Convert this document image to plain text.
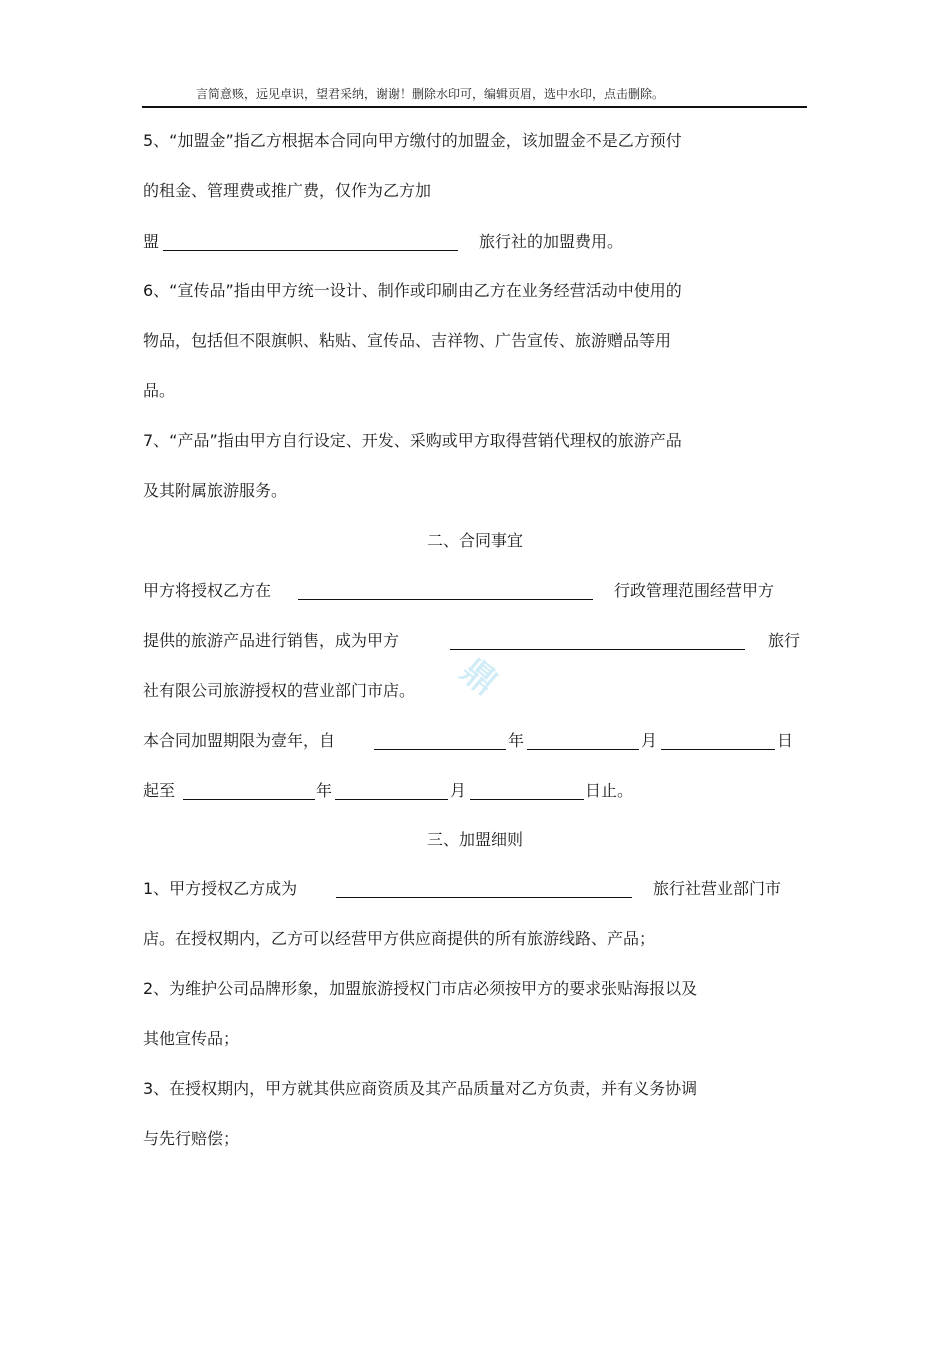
言简意赅，远见卓识，望君采纳，谢谢！删除水印可，编辑页眉，选中水印，点击删除。
5、“加盟金”指乙方根据本合同向甲方缴付的加盟金，该加盟金不是乙方预付
的租金、管理费或推广费，仅作为乙方加
盟	旅行社的加盟费用。
6、“宣传品”指由甲方统一设计、制作或印刷由乙方在业务经营活动中使用的
物品，包括但不限旗帜、粘贴、宣传品、吉祥物、广告宣传、旅游赠品等用
品。
7、“产品”指由甲方自行设定、开发、采购或甲方取得营销代理权的旅游产品
及其附属旅游服务。
二、合同事宜
甲方将授权乙方在	行政管理范围经营甲方
提供的旅游产品进行销售，成为甲方	旅行
社有限公司旅游授权的营业部门市店。
本合同加盟期限为壹年，自	年	月	日
起至	年	月	日止。
三、加盟细则
1、甲方授权乙方成为	旅行社营业部门市
店。在授权期内，乙方可以经营甲方供应商提供的所有旅游线路、产品；
2、为维护公司品牌形象，加盟旅游授权门市店必须按甲方的要求张贴海报以及
其他宣传品；
3、在授权期内，甲方就其供应商资质及其产品质量对乙方负责，并有义务协调
与先行赔偿；
鼎
